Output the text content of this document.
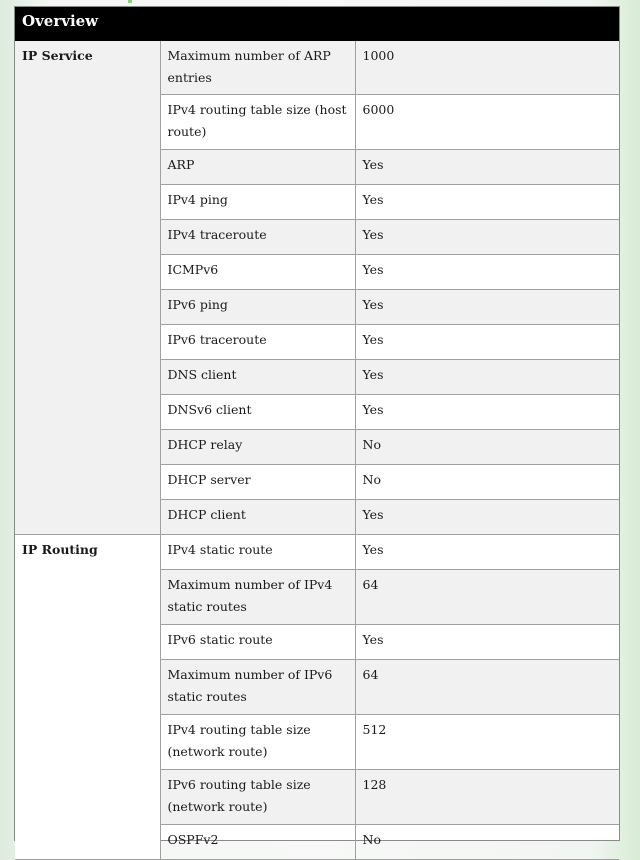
Overview
IP Service	Maximum number of ARP entries	1000
	IPv4 routing table size (host route)	6000
	ARP	Yes
	IPv4 ping	Yes
	IPv4 traceroute	Yes
	ICMPv6	Yes
	IPv6 ping	Yes
	IPv6 traceroute	Yes
	DNS client	Yes
	DNSv6 client	Yes
	DHCP relay	No
	DHCP server	No
	DHCP client	Yes
IP Routing	IPv4 static route	Yes
	Maximum number of IPv4 static routes	64
	IPv6 static route	Yes
	Maximum number of IPv6 static routes	64
	IPv4 routing table size (network route)	512
	IPv6 routing table size (network route)	128
	OSPFv2	No
